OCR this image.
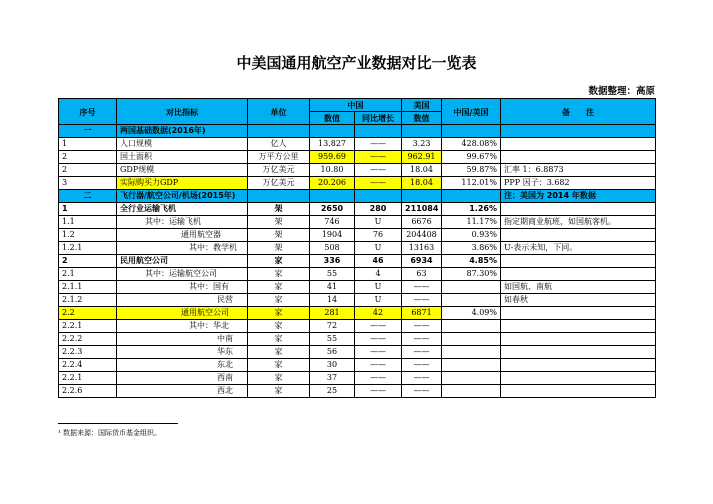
中美国通用航空产业数据对比一览表
数据整理：高原
序号	对比指标	单位	中国		美国	中国/美国	备　　注
			数值	同比增长	数值		
一	两国基础数据(2016年)						
1	人口规模	亿人	13.827	——	3.23	428.08%	
2	国土面积	万平方公里	959.69	——	962.91	99.67%	
2	GDP规模	万亿美元	10.80	——	18.04	59.87%	汇率 1：6.8873
3	实际购买力GDP	万亿美元	20.206	——	18.04	112.01%	PPP 因子：3.682
二	飞行器/航空公司/机场(2015年)						注：美国为 2014 年数据
1	全行业运输飞机	架	2650	280	211084	1.26%	
1.1	其中：运输飞机	架	746	U	6676	11.17%	指定期商业航班，如国航客机。
1.2	通用航空器	架	1904	76	204408	0.93%	
1.2.1	其中：教学机	架	508	U	13163	3.86%	U-表示未知，下同。
2	民用航空公司	家	336	46	6934	4.85%	
2.1	其中：运输航空公司	家	55	4	63	87.30%	
2.1.1	其中：国有	家	41	U	——		如国航、南航
2.1.2	民营	家	14	U	——		如春秋
2.2	通用航空公司	家	281	42	6871	4.09%	
2.2.1	其中：华北	家	72	——	——		
2.2.2	中南	家	55	——	——		
2.2.3	华东	家	56	——	——		
2.2.4	东北	家	30	——	——		
2.2.1	西南	家	37	——	——		
2.2.6	西北	家	25	——	——		
¹ 数据来源：国际货币基金组织。
